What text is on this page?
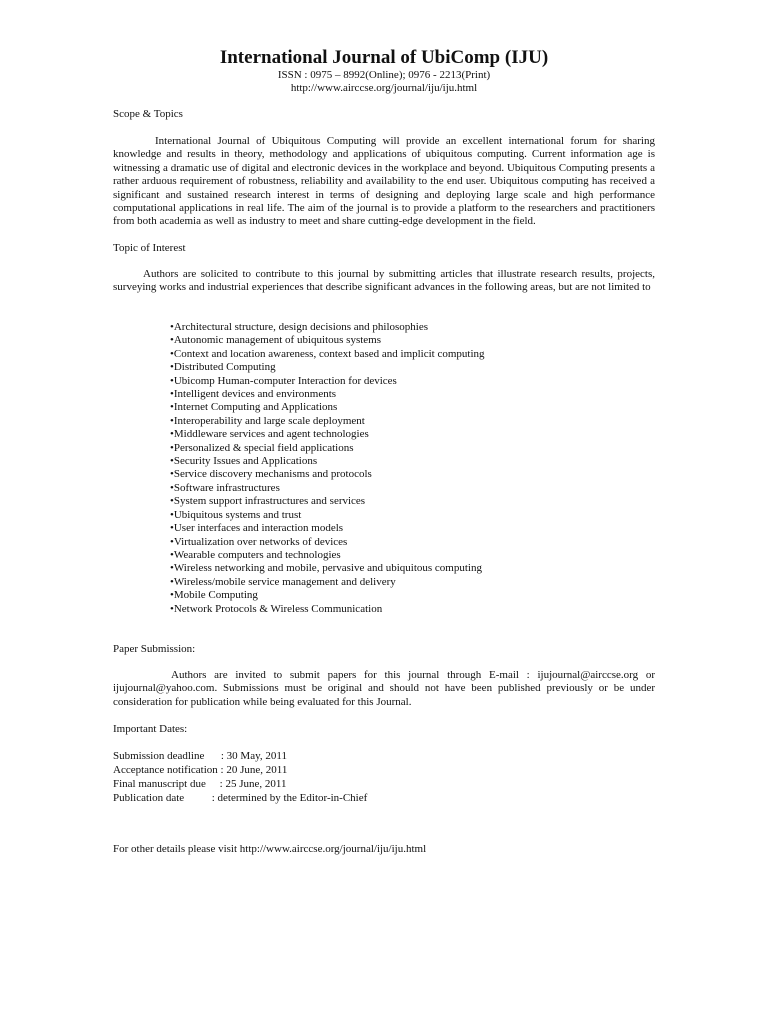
International Journal of UbiComp (IJU)
ISSN : 0975 – 8992(Online); 0976 - 2213(Print)
http://www.airccse.org/journal/iju/iju.html
Scope & Topics
International Journal of Ubiquitous Computing will provide an excellent international forum for sharing knowledge and results in theory, methodology and applications of ubiquitous computing. Current information age is witnessing a dramatic use of digital and electronic devices in the workplace and beyond. Ubiquitous Computing presents a rather arduous requirement of robustness, reliability and availability to the end user. Ubiquitous computing has received a significant and sustained research interest in terms of designing and deploying large scale and high performance computational applications in real life. The aim of the journal is to provide a platform to the researchers and practitioners from both academia as well as industry to meet and share cutting-edge development in the field.
Topic of Interest
Authors are solicited to contribute to this journal by submitting articles that illustrate research results, projects, surveying works and industrial experiences that describe significant advances in the following areas, but are not limited to
• Architectural structure, design decisions and philosophies
• Autonomic management of ubiquitous systems
• Context and location awareness, context based and implicit computing
• Distributed Computing
• Ubicomp Human-computer Interaction for devices
• Intelligent devices and environments
• Internet Computing and Applications
• Interoperability and large scale deployment
• Middleware services and agent technologies
• Personalized & special field applications
• Security Issues and Applications
• Service discovery mechanisms and protocols
• Software infrastructures
• System support infrastructures and services
• Ubiquitous systems and trust
• User interfaces and interaction models
• Virtualization over networks of devices
• Wearable computers and technologies
• Wireless networking and mobile, pervasive and ubiquitous computing
• Wireless/mobile service management and delivery
• Mobile Computing
• Network Protocols & Wireless Communication
Paper Submission:
Authors are invited to submit papers for this journal through E-mail : ijujournal@airccse.org or ijujournal@yahoo.com. Submissions must be original and should not have been published previously or be under consideration for publication while being evaluated for this Journal.
Important Dates:
Submission deadline      : 30 May, 2011
Acceptance notification : 20 June, 2011
Final manuscript due     : 25 June, 2011
Publication date          : determined by the Editor-in-Chief
For other details please visit http://www.airccse.org/journal/iju/iju.html
